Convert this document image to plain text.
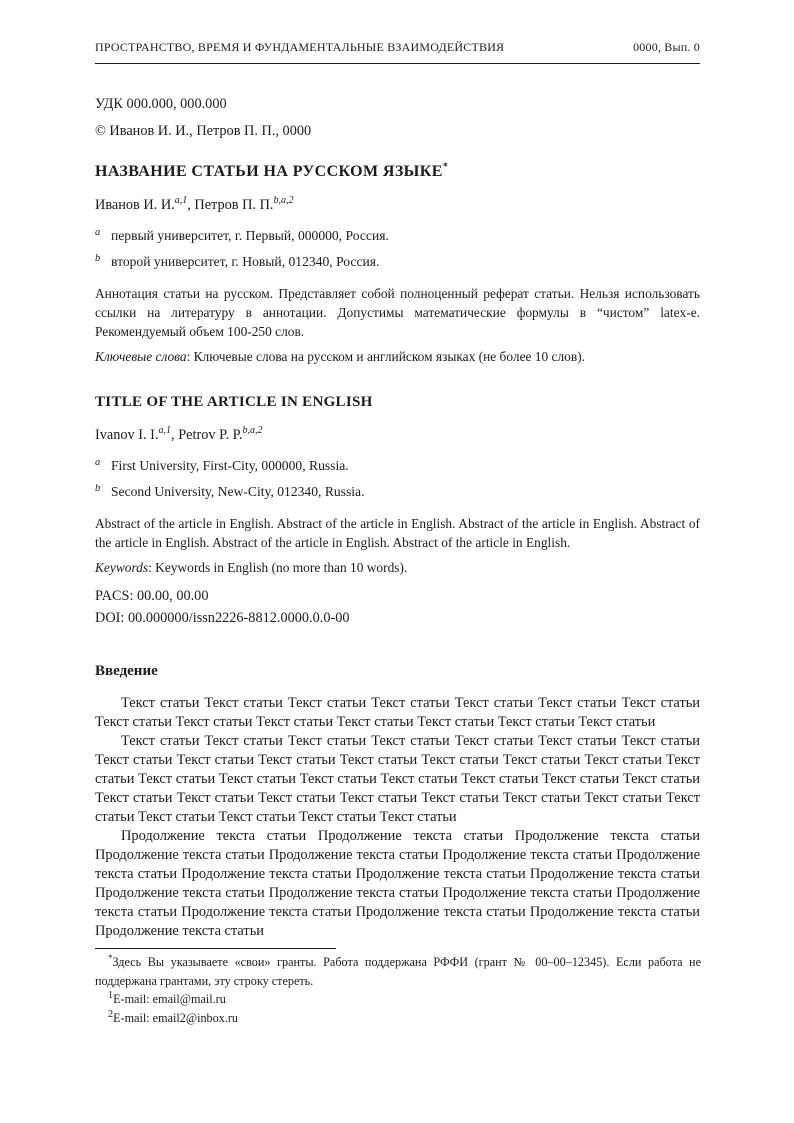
ПРОСТРАНСТВО, ВРЕМЯ И ФУНДАМЕНТАЛЬНЫЕ ВЗАИМОДЕЙСТВИЯ	0000, Вып. 0

УДК 000.000, 000.000

© Иванов И. И., Петров П. П., 0000

НАЗВАНИЕ СТАТЬИ НА РУССКОМ ЯЗЫКЕ*

Иванов И. И.$^{a,1}$, Петров П. П.$^{b,a,2}$

a первый университет, г. Первый, 000000, Россия.

b второй университет, г. Новый, 012340, Россия.

Аннотация статьи на русском. Представляет собой полноценный реферат статьи. Нельзя использовать ссылки на литературу в аннотации. Допустимы математические формулы в “чистом” latex-е. Рекомендуемый объем 100-250 слов.

Ключевые слова: Ключевые слова на русском и английском языках (не более 10 слов).

TITLE OF THE ARTICLE IN ENGLISH

Ivanov I. I.$^{a,1}$, Petrov P. P.$^{b,a,2}$

a First University, First-City, 000000, Russia.

b Second University, New-City, 012340, Russia.

Abstract of the article in English. Abstract of the article in English. Abstract of the article in English. Abstract of the article in English. Abstract of the article in English. Abstract of the article in English.

Keywords: Keywords in English (no more than 10 words).

PACS: 00.00, 00.00

DOI: 00.000000/issn2226-8812.0000.0.0-00

Введение

Текст статьи Текст статьи Текст статьи Текст статьи Текст статьи Текст статьи Текст статьи Текст статьи Текст статьи Текст статьи Текст статьи Текст статьи Текст статьи Текст статьи

Текст статьи Текст статьи Текст статьи Текст статьи Текст статьи Текст статьи Текст статьи Текст статьи Текст статьи Текст статьи Текст статьи Текст статьи Текст статьи Текст статьи Текст статьи Текст статьи Текст статьи Текст статьи Текст статьи Текст статьи Текст статьи Текст статьи Текст статьи Текст статьи Текст статьи Текст статьи Текст статьи Текст статьи Текст статьи Текст статьи Текст статьи Текст статьи Текст статьи Текст статьи

Продолжение текста статьи Продолжение текста статьи Продолжение текста статьи Продолжение текста статьи Продолжение текста статьи Продолжение текста статьи Продолжение текста статьи Продолжение текста статьи Продолжение текста статьи Продолжение текста статьи Продолжение текста статьи Продолжение текста статьи Продолжение текста статьи Продолжение текста статьи Продолжение текста статьи Продолжение текста статьи Продолжение текста статьи Продолжение текста статьи

*Здесь Вы указываете «свои» гранты. Работа поддержана РФФИ (грант № 00–00–12345). Если работа не поддержана грантами, эту строку стереть.

$^1$E-mail: email@mail.ru

$^2$E-mail: email2@inbox.ru
